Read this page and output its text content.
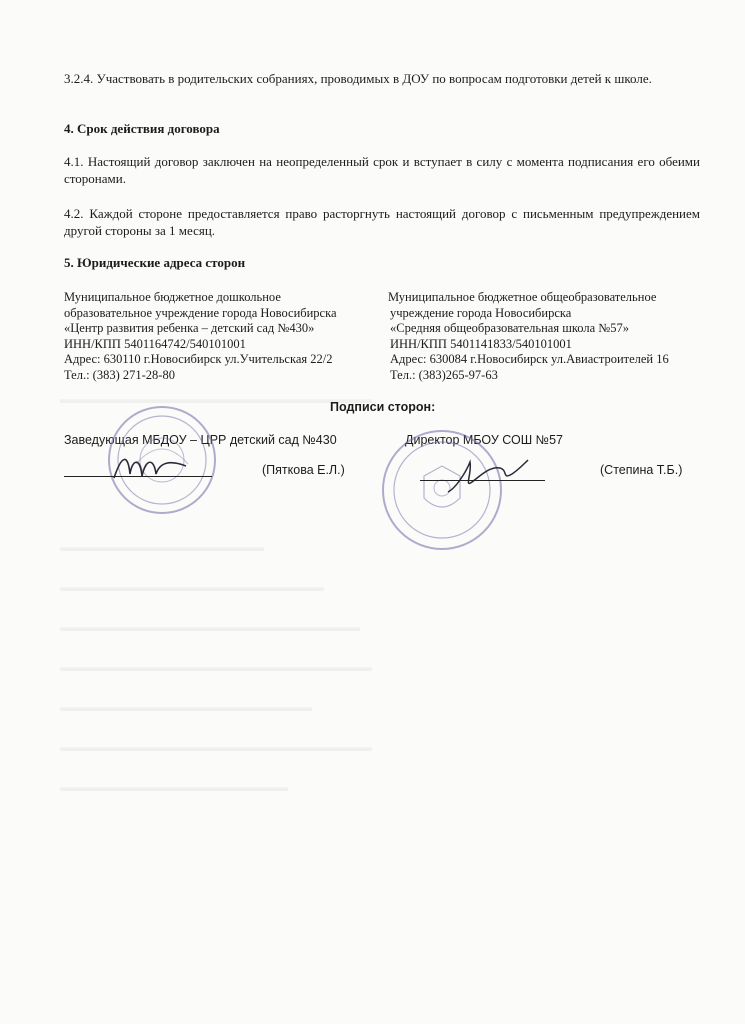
3.2.4. Участвовать в родительских собраниях, проводимых в ДОУ по вопросам подготовки детей к школе.
4. Срок действия договора
4.1. Настоящий договор заключен на неопределенный срок и вступает в силу с момента подписания его обеими сторонами.
4.2. Каждой стороне предоставляется право расторгнуть настоящий договор с письменным предупреждением другой стороны за 1 месяц.
5. Юридические адреса сторон
Муниципальное бюджетное дошкольное
образовательное учреждение города Новосибирска
«Центр развития ребенка – детский сад №430»
ИНН/КПП 5401164742/540101001
Адрес: 630110 г.Новосибирск ул.Учительская 22/2
Тел.: (383) 271-28-80
Муниципальное бюджетное общеобразовательное
учреждение города Новосибирска
«Средняя общеобразовательная школа №57»
ИНН/КПП 5401141833/540101001
Адрес: 630084 г.Новосибирск ул.Авиастроителей 16
Тел.: (383)265-97-63
Подписи сторон:
Заведующая МБДОУ – ЦРР детский сад №430	Директор МБОУ СОШ №57
(Пяткова Е.Л.)	(Степина Т.Б.)
